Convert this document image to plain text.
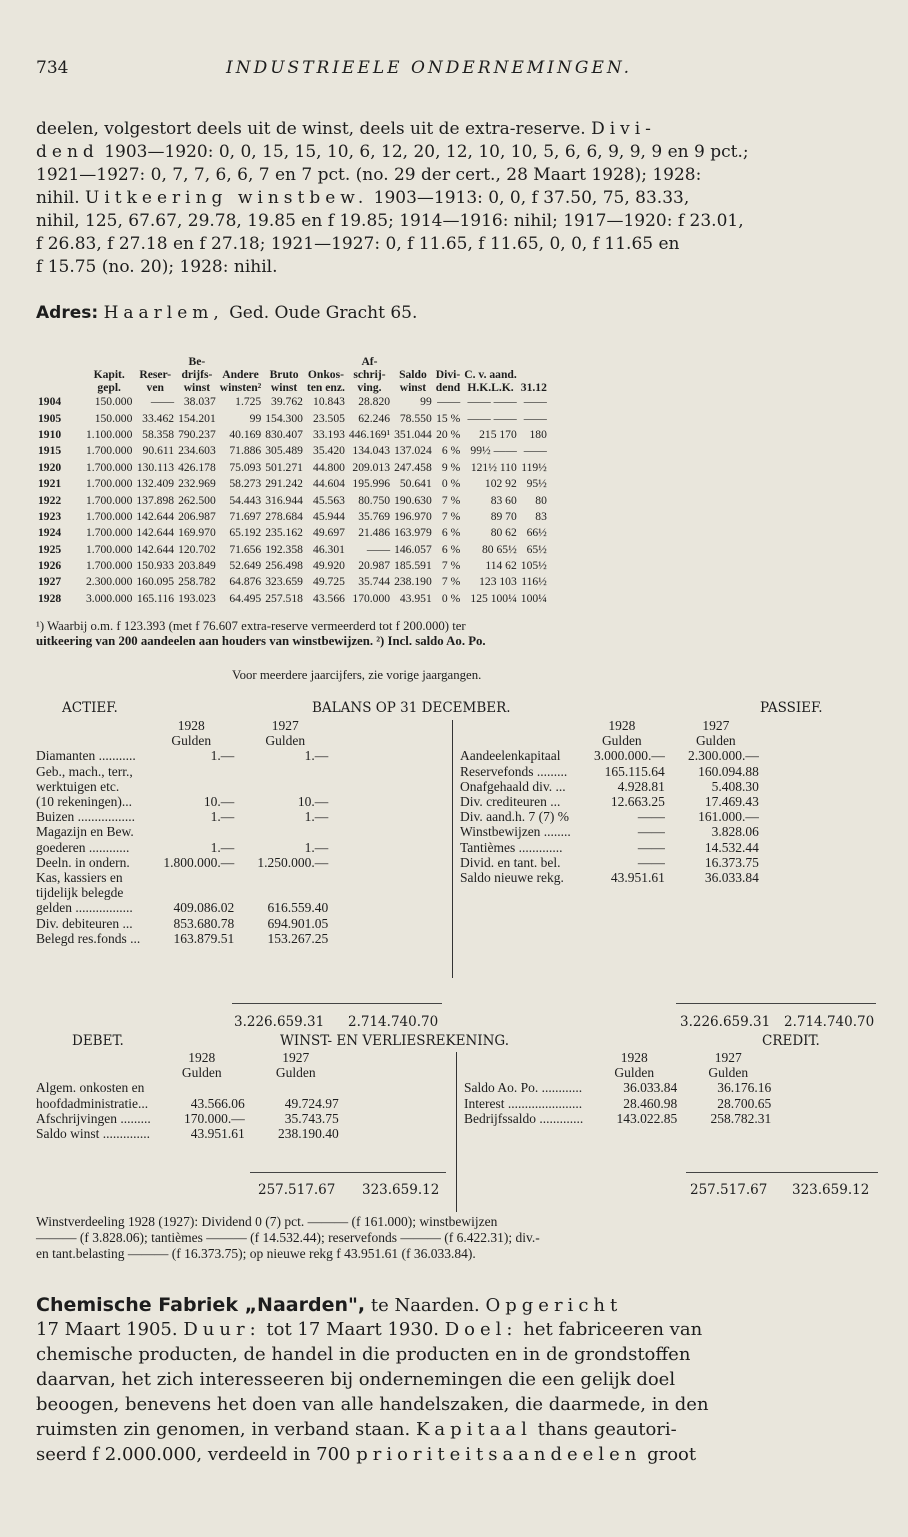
734	INDUSTRIEELE ONDERNEMINGEN.
deelen, volgestort deels uit de winst, deels uit de extra-reserve. Divi-
dend 1903—1920: 0, 0, 15, 15, 10, 6, 12, 20, 12, 10, 10, 5, 6, 6, 9, 9, 9 en 9 pct.;
1921—1927: 0, 7, 7, 6, 6, 7 en 7 pct. (no. 29 der cert., 28 Maart 1928); 1928:
nihil. Uitkeering winstbew. 1903—1913: 0, 0, f 37.50, 75, 83.33,
nihil, 125, 67.67, 29.78, 19.85 en f 19.85; 1914—1916: nihil; 1917—1920: f 23.01,
f 26.83, f 27.18 en f 27.18; 1921—1927: 0, f 11.65, f 11.65, 0, 0, f 11.65 en
f 15.75 (no. 20); 1928: nihil.
Adres: Haarlem, Ged. Oude Gracht 65.
			Be-				Af-				
	Kapit.	Reser-	drijfs-	Andere	Bruto	Onkos-	schrij-	Saldo	Divi-	C. v. aand.	
	gepl.	ven	winst	winsten²	winst	ten enz.	ving.	winst	dend	H.K.L.K.	31.12
1904	150.000	——	38.037	1.725	39.762	10.843	28.820	99	——	—— ——	——
1905	150.000	33.462	154.201	99	154.300	23.505	62.246	78.550	15 %	—— ——	——
1910	1.100.000	58.358	790.237	40.169	830.407	33.193	446.169¹	351.044	20 %	215 170	180
1915	1.700.000	90.611	234.603	71.886	305.489	35.420	134.043	137.024	6 %	99½ ——	——
1920	1.700.000	130.113	426.178	75.093	501.271	44.800	209.013	247.458	9 %	121½ 110	119½
1921	1.700.000	132.409	232.969	58.273	291.242	44.604	195.996	50.641	0 %	102 92	95½
1922	1.700.000	137.898	262.500	54.443	316.944	45.563	80.750	190.630	7 %	83 60	80
1923	1.700.000	142.644	206.987	71.697	278.684	45.944	35.769	196.970	7 %	89 70	83
1924	1.700.000	142.644	169.970	65.192	235.162	49.697	21.486	163.979	6 %	80 62	66½
1925	1.700.000	142.644	120.702	71.656	192.358	46.301	——	146.057	6 %	80 65½	65½
1926	1.700.000	150.933	203.849	52.649	256.498	49.920	20.987	185.591	7 %	114 62	105½
1927	2.300.000	160.095	258.782	64.876	323.659	49.725	35.744	238.190	7 %	123 103	116½
1928	3.000.000	165.116	193.023	64.495	257.518	43.566	170.000	43.951	0 %	125 100¼	100¼
¹) Waarbij o.m. f 123.393 (met f 76.607 extra-reserve vermeerderd tot f 200.000) ter
uitkeering van 200 aandeelen aan houders van winstbewijzen. ²) Incl. saldo Ao. Po.
Voor meerdere jaarcijfers, zie vorige jaargangen.
ACTIEF.	BALANS OP 31 DECEMBER.	PASSIEF.
	1928	1927
	Gulden	Gulden
Diamanten ...........	1.—	1.—
Geb., mach., terr.,		
werktuigen etc.		
(10 rekeningen)...	10.—	10.—
Buizen .................	1.—	1.—
Magazijn en Bew.		
goederen ............	1.—	1.—
Deeln. in ondern.	1.800.000.—	1.250.000.—
Kas, kassiers en		
tijdelijk belegde		
gelden .................	409.086.02	616.559.40
Div. debiteuren ...	853.680.78	694.901.05
Belegd res.fonds ...	163.879.51	153.267.25
	1928	1927
	Gulden	Gulden
Aandeelenkapitaal	3.000.000.—	2.300.000.—
Reservefonds .........	165.115.64	160.094.88
Onafgehaald div. ...	4.928.81	5.408.30
Div. crediteuren ...	12.663.25	17.469.43
Div. aand.h. 7 (7) %	——	161.000.—
Winstbewijzen ........	——	3.828.06
Tantièmes .............	——	14.532.44
Divid. en tant. bel.	——	16.373.75
Saldo nieuwe rekg.	43.951.61	36.033.84
3.226.659.31 2.714.740.70	3.226.659.31 2.714.740.70
DEBET.	WINST- EN VERLIESREKENING.	CREDIT.
	1928	1927
	Gulden	Gulden
Algem. onkosten en		
hoofdadministratie...	43.566.06	49.724.97
Afschrijvingen .........	170.000.—	35.743.75
Saldo winst ..............	43.951.61	238.190.40
	1928	1927
	Gulden	Gulden
Saldo Ao. Po. ............	36.033.84	36.176.16
Interest ......................	28.460.98	28.700.65
Bedrijfssaldo .............	143.022.85	258.782.31
257.517.67 323.659.12	257.517.67 323.659.12
Winstverdeeling 1928 (1927): Dividend 0 (7) pct. ——— (f 161.000); winstbewijzen
——— (f 3.828.06); tantièmes ——— (f 14.532.44); reservefonds ——— (f 6.422.31); div.-
en tant.belasting ——— (f 16.373.75); op nieuwe rekg f 43.951.61 (f 36.033.84).
Chemische Fabriek „Naarden", te Naarden. Opgericht
17 Maart 1905. Duur: tot 17 Maart 1930. Doel: het fabriceeren van
chemische producten, de handel in die producten en in de grondstoffen
daarvan, het zich interesseeren bij ondernemingen die een gelijk doel
beoogen, benevens het doen van alle handelszaken, die daarmede, in den
ruimsten zin genomen, in verband staan. Kapitaal thans geautori-
seerd f 2.000.000, verdeeld in 700 prioriteitsaandeelen groot
